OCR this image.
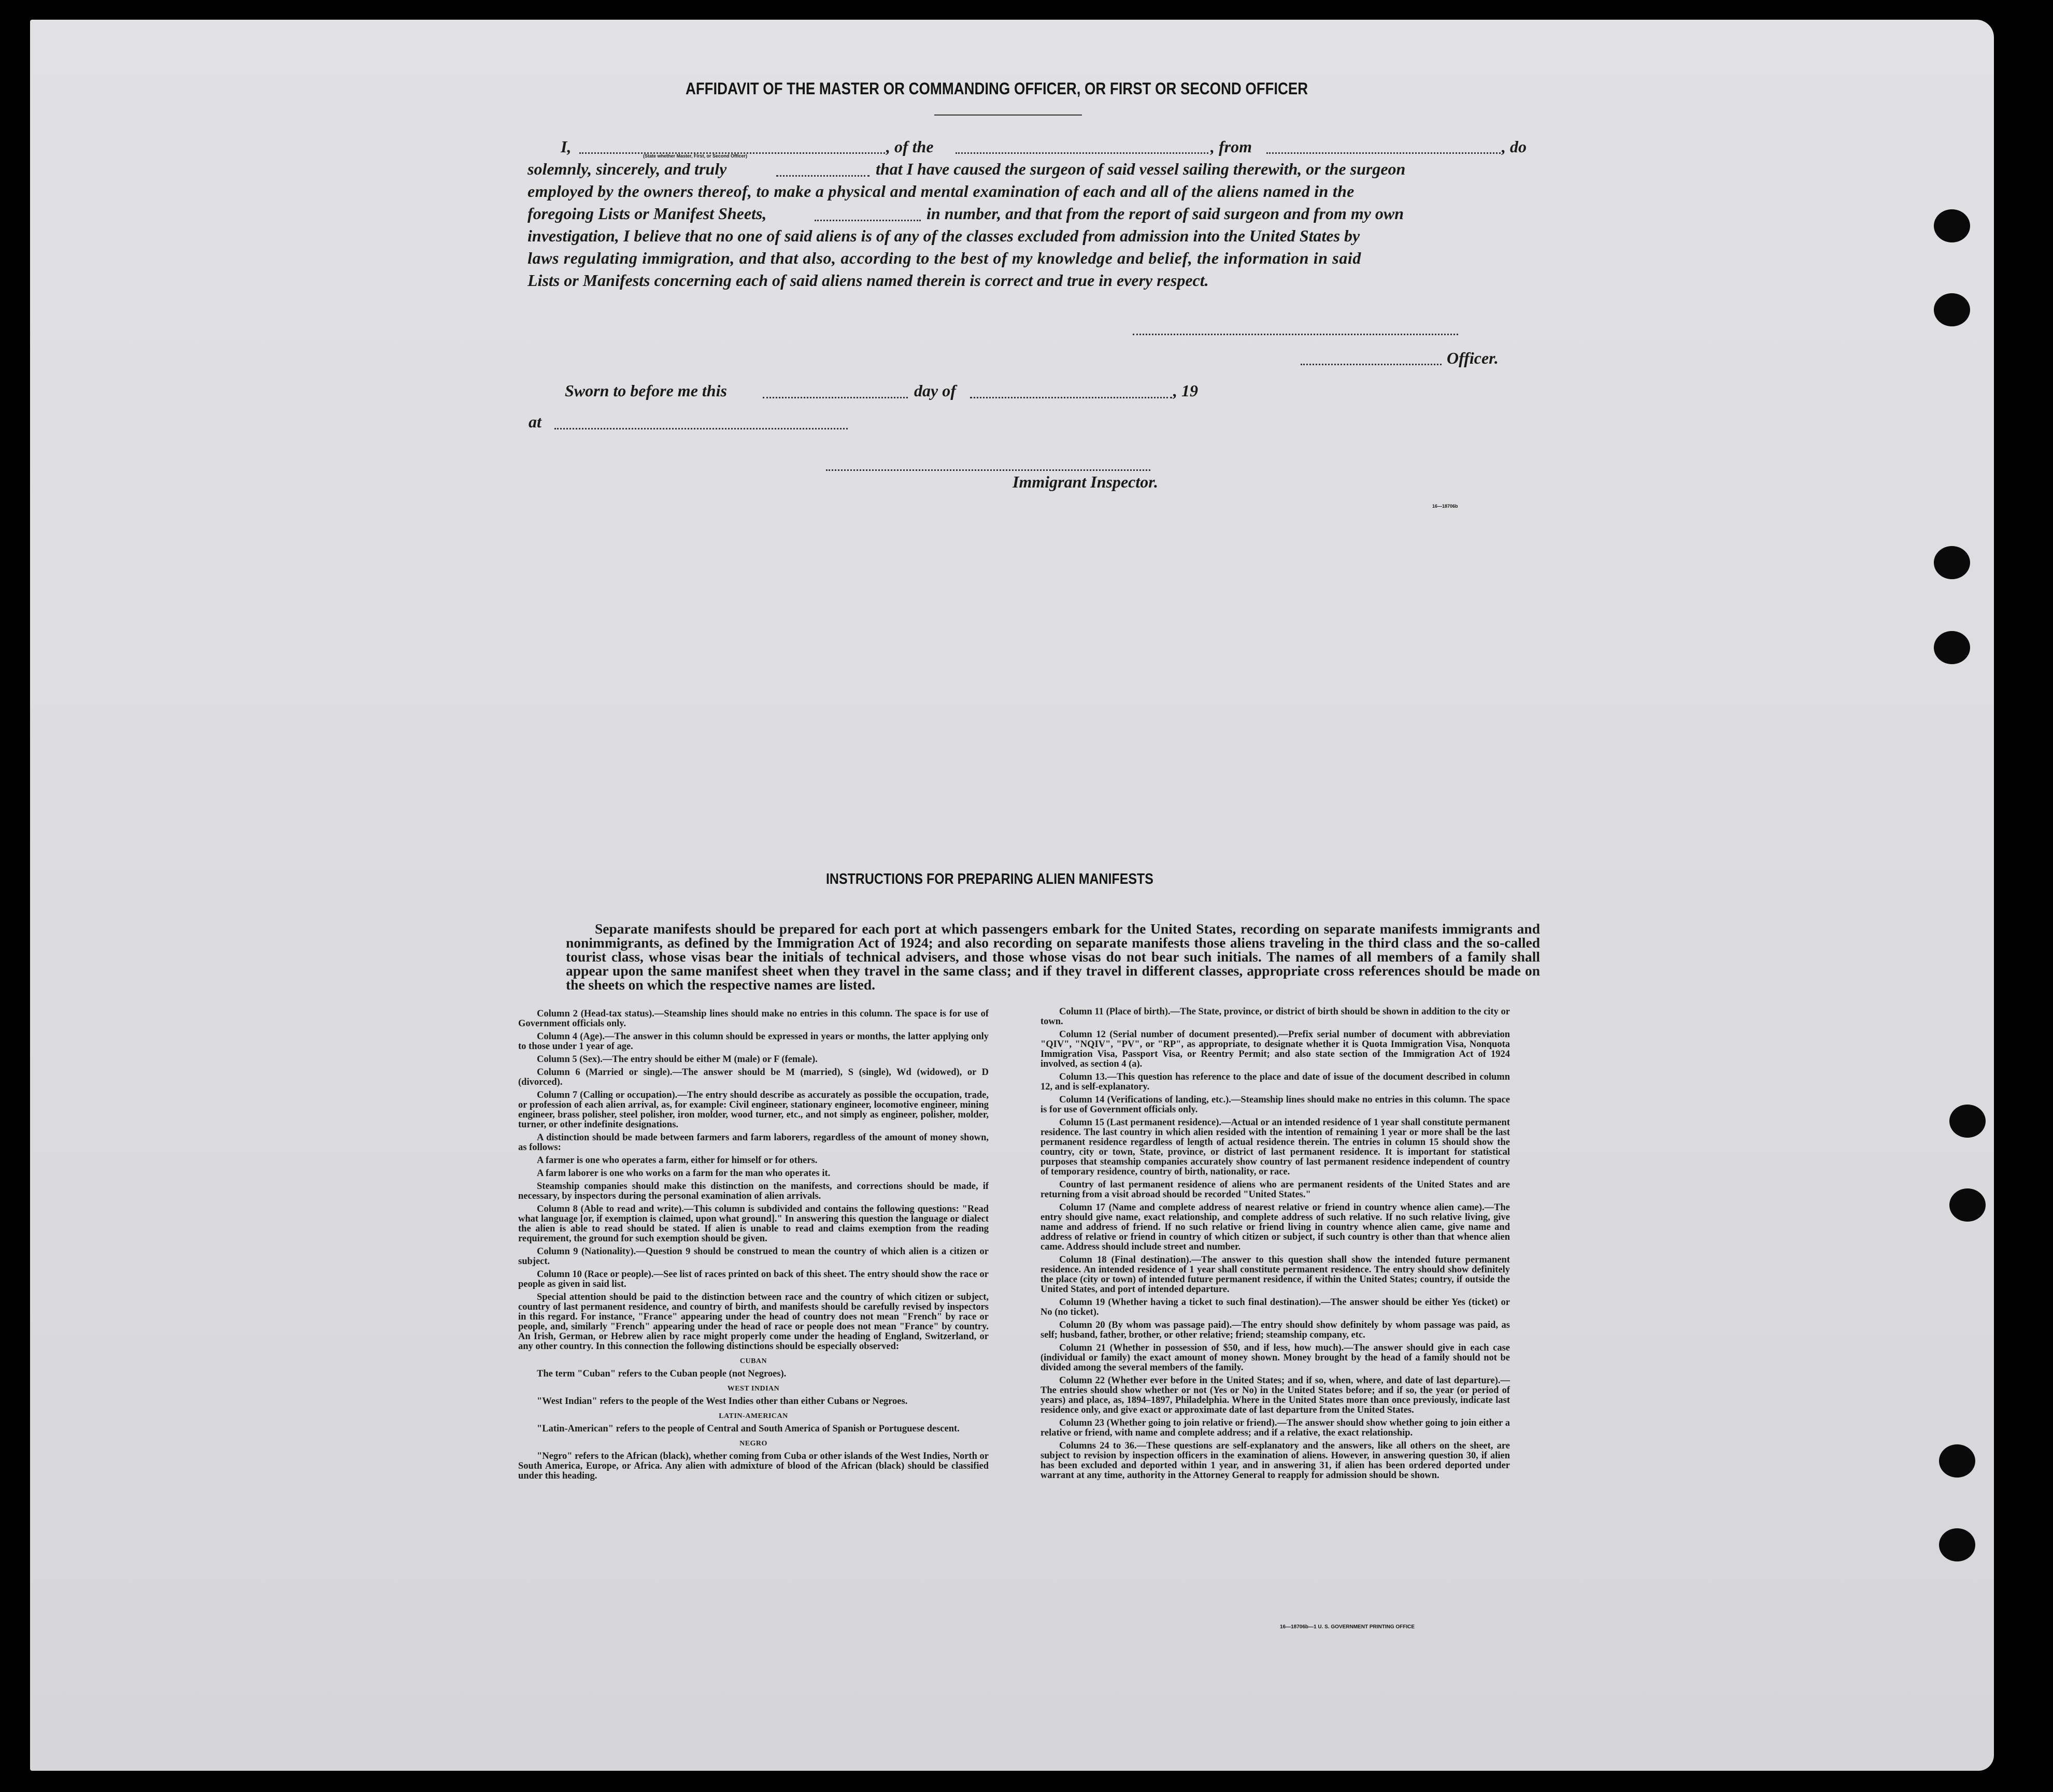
AFFIDAVIT OF THE MASTER OR COMMANDING OFFICER, OR FIRST OR SECOND OFFICER
I,	(State whether Master, First, or Second Officer)	, of the	, from	, do
solemnly, sincerely, and truly	that I have caused the surgeon of said vessel sailing therewith, or the surgeon
employed by the owners thereof, to make a physical and mental examination of each and all of the aliens named in the
foregoing Lists or Manifest Sheets,	in number, and that from the report of said surgeon and from my own
investigation, I believe that no one of said aliens is of any of the classes excluded from admission into the United States by
laws regulating immigration, and that also, according to the best of my knowledge and belief, the information in said
Lists or Manifests concerning each of said aliens named therein is correct and true in every respect.
Officer.
Sworn to before me this	day of	, 19
at
Immigrant Inspector.
16—18706b
INSTRUCTIONS FOR PREPARING ALIEN MANIFESTS
Separate manifests should be prepared for each port at which passengers embark for the United States, recording on separate manifests immigrants and nonimmigrants, as defined by the Immigration Act of 1924; and also recording on separate manifests those aliens traveling in the third class and the so-called tourist class, whose visas bear the initials of technical advisers, and those whose visas do not bear such initials. The names of all members of a family shall appear upon the same manifest sheet when they travel in the same class; and if they travel in different classes, appropriate cross references should be made on the sheets on which the respective names are listed.

Column 2 (Head-tax status).—Steamship lines should make no entries in this column. The space is for use of Government officials only.

Column 4 (Age).—The answer in this column should be expressed in years or months, the latter applying only to those under 1 year of age.

Column 5 (Sex).—The entry should be either M (male) or F (female).

Column 6 (Married or single).—The answer should be M (married), S (single), Wd (widowed), or D (divorced).

Column 7 (Calling or occupation).—The entry should describe as accurately as possible the occupation, trade, or profession of each alien arrival, as, for example: Civil engineer, stationary engineer, locomotive engineer, mining engineer, brass polisher, steel polisher, iron molder, wood turner, etc., and not simply as engineer, polisher, molder, turner, or other indefinite designations.

A distinction should be made between farmers and farm laborers, regardless of the amount of money shown, as follows:

A farmer is one who operates a farm, either for himself or for others.

A farm laborer is one who works on a farm for the man who operates it.

Steamship companies should make this distinction on the manifests, and corrections should be made, if necessary, by inspectors during the personal examination of alien arrivals.

Column 8 (Able to read and write).—This column is subdivided and contains the following questions: "Read what language [or, if exemption is claimed, upon what ground]." In answering this question the language or dialect the alien is able to read should be stated. If alien is unable to read and claims exemption from the reading requirement, the ground for such exemption should be given.

Column 9 (Nationality).—Question 9 should be construed to mean the country of which alien is a citizen or subject.

Column 10 (Race or people).—See list of races printed on back of this sheet. The entry should show the race or people as given in said list.

Special attention should be paid to the distinction between race and the country of which citizen or subject, country of last permanent residence, and country of birth, and manifests should be carefully revised by inspectors in this regard. For instance, "France" appearing under the head of country does not mean "French" by race or people, and, similarly "French" appearing under the head of race or people does not mean "France" by country. An Irish, German, or Hebrew alien by race might properly come under the heading of England, Switzerland, or any other country. In this connection the following distinctions should be especially observed:

CUBAN

The term "Cuban" refers to the Cuban people (not Negroes).

WEST INDIAN

"West Indian" refers to the people of the West Indies other than either Cubans or Negroes.

LATIN-AMERICAN

"Latin-American" refers to the people of Central and South America of Spanish or Portuguese descent.

NEGRO

"Negro" refers to the African (black), whether coming from Cuba or other islands of the West Indies, North or South America, Europe, or Africa. Any alien with admixture of blood of the African (black) should be classified under this heading.

Column 11 (Place of birth).—The State, province, or district of birth should be shown in addition to the city or town.

Column 12 (Serial number of document presented).—Prefix serial number of document with abbreviation "QIV", "NQIV", "PV", or "RP", as appropriate, to designate whether it is Quota Immigration Visa, Nonquota Immigration Visa, Passport Visa, or Reentry Permit; and also state section of the Immigration Act of 1924 involved, as section 4 (a).

Column 13.—This question has reference to the place and date of issue of the document described in column 12, and is self-explanatory.

Column 14 (Verifications of landing, etc.).—Steamship lines should make no entries in this column. The space is for use of Government officials only.

Column 15 (Last permanent residence).—Actual or an intended residence of 1 year shall constitute permanent residence. The last country in which alien resided with the intention of remaining 1 year or more shall be the last permanent residence regardless of length of actual residence therein. The entries in column 15 should show the country, city or town, State, province, or district of last permanent residence. It is important for statistical purposes that steamship companies accurately show country of last permanent residence independent of country of temporary residence, country of birth, nationality, or race.

Country of last permanent residence of aliens who are permanent residents of the United States and are returning from a visit abroad should be recorded "United States."

Column 17 (Name and complete address of nearest relative or friend in country whence alien came).—The entry should give name, exact relationship, and complete address of such relative. If no such relative living, give name and address of friend. If no such relative or friend living in country whence alien came, give name and address of relative or friend in country of which citizen or subject, if such country is other than that whence alien came. Address should include street and number.

Column 18 (Final destination).—The answer to this question shall show the intended future permanent residence. An intended residence of 1 year shall constitute permanent residence. The entry should show definitely the place (city or town) of intended future permanent residence, if within the United States; country, if outside the United States, and port of intended departure.

Column 19 (Whether having a ticket to such final destination).—The answer should be either Yes (ticket) or No (no ticket).

Column 20 (By whom was passage paid).—The entry should show definitely by whom passage was paid, as self; husband, father, brother, or other relative; friend; steamship company, etc.

Column 21 (Whether in possession of $50, and if less, how much).—The answer should give in each case (individual or family) the exact amount of money shown. Money brought by the head of a family should not be divided among the several members of the family.

Column 22 (Whether ever before in the United States; and if so, when, where, and date of last departure).—The entries should show whether or not (Yes or No) in the United States before; and if so, the year (or period of years) and place, as, 1894–1897, Philadelphia. Where in the United States more than once previously, indicate last residence only, and give exact or approximate date of last departure from the United States.

Column 23 (Whether going to join relative or friend).—The answer should show whether going to join either a relative or friend, with name and complete address; and if a relative, the exact relationship.

Columns 24 to 36.—These questions are self-explanatory and the answers, like all others on the sheet, are subject to revision by inspection officers in the examination of aliens. However, in answering question 30, if alien has been excluded and deported within 1 year, and in answering 31, if alien has been ordered deported under warrant at any time, authority in the Attorney General to reapply for admission should be shown.

16—18706b—1 U. S. GOVERNMENT PRINTING OFFICE
